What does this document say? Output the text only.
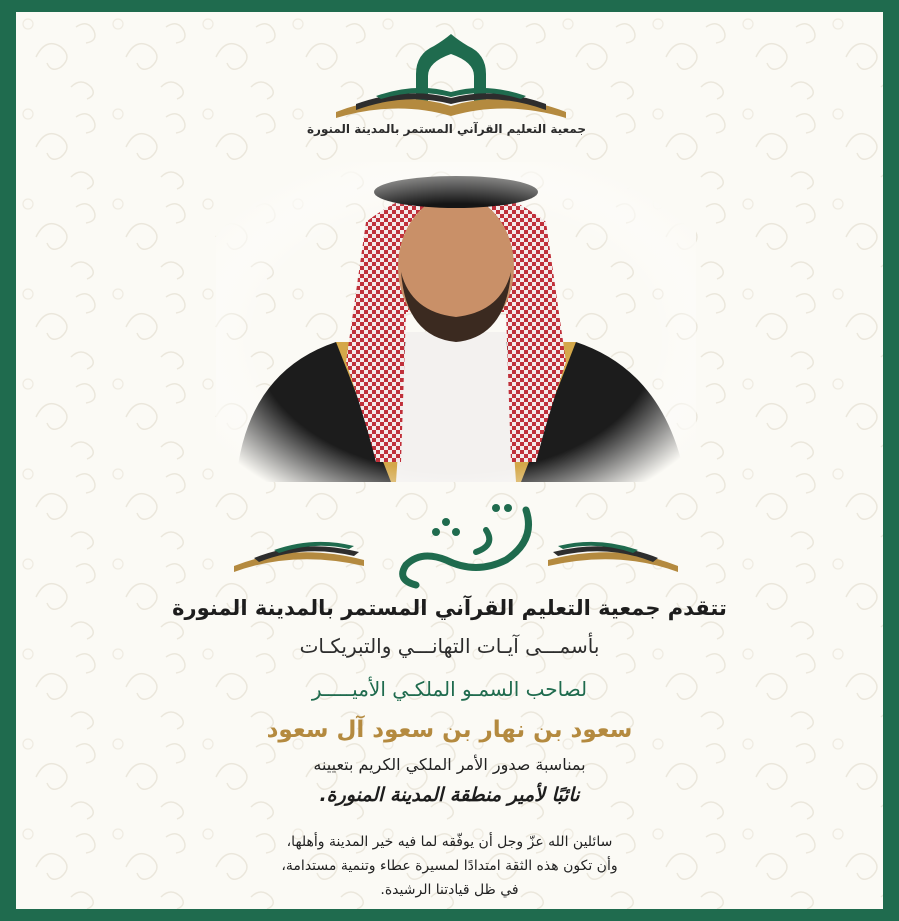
جمعية التعليم القرآني المستمر بالمدينة المنورة
تتقدم جمعية التعليم القرآني المستمر بالمدينة المنورة
بأسمـــى آيـات التهانـــي والتبريكـات
لصاحب السمـو الملكـي الأميـــــر
سعود بن نهار بن سعود آل سعود
بمناسبة صدور الأمر الملكي الكريم بتعيينه
نائبًا لأمير منطقة المدينة المنورة.
سائلين الله عزّ وجل أن يوفّقه لما فيه خير المدينة وأهلها،
وأن تكون هذه الثقة امتدادًا لمسيرة عطاء وتنمية مستدامة،
في ظل قيادتنا الرشيدة.
